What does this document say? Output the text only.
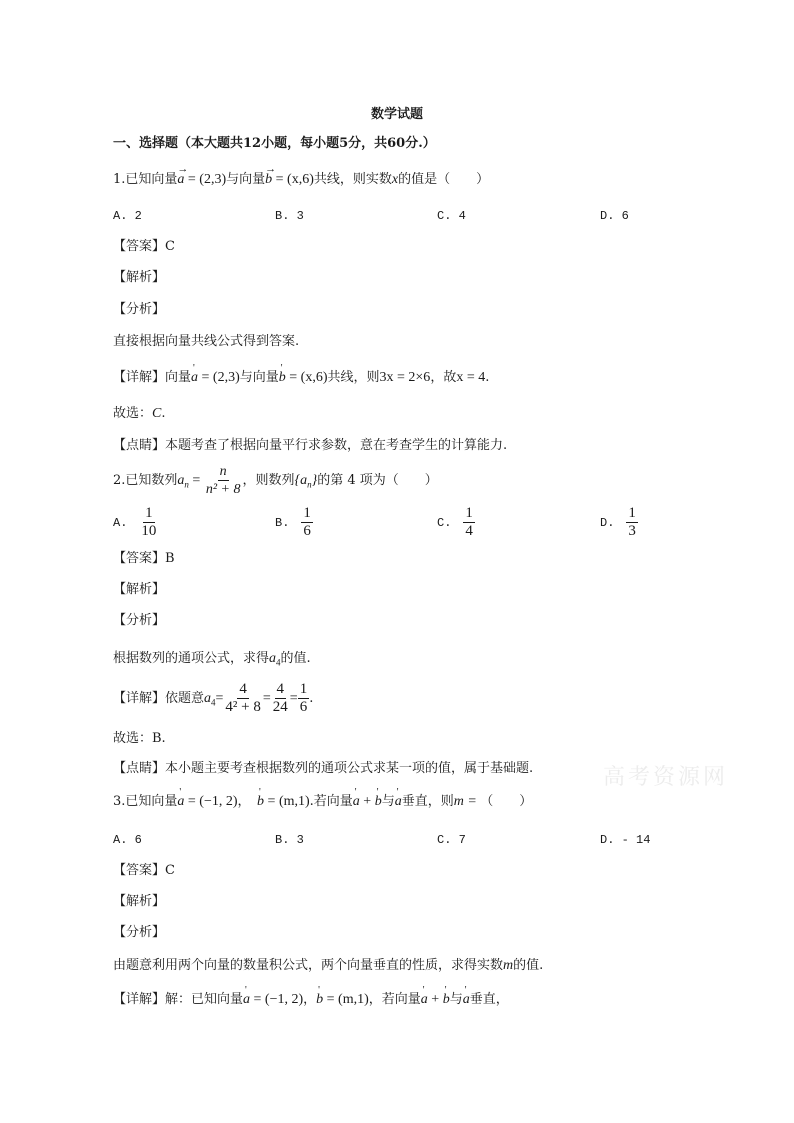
数学试题
一、选择题（本大题共12小题，每小题5分，共60分.）
1.已知向量→ a = (2,3)与向量→ b = (x,6)共线，则实数x的值是（　　）
A. 2	B. 3	C. 4	D. 6
【答案】C
【解析】
【分析】
直接根据向量共线公式得到答案.
【详解】向量' a = (2,3)与向量' b = (x,6)共线，则3x = 2×6，故x = 4.
故选：C.
【点睛】本题考查了根据向量平行求参数，意在考查学生的计算能力.
2.已知数列$a_n = \frac{n}{\text{n² + 8}}$ ，则数列$\{a_n\}$的第 4 项为（　　）
A. $\frac{1}{10}$	B. $\frac{1}{6}$	C. $\frac{1}{4}$	D. $\frac{1}{3}$
【答案】B
【解析】
【分析】
根据数列的通项公式，求得$a_4$的值.
【详解】依题意$a_4= \frac{4}{\text{4² + 8}} = \frac{4}{24} = \frac{1}{6}$ .
故选：B.
【点睛】本小题主要考查根据数列的通项公式求某一项的值，属于基础题.	高考资源网
3.已知向量' a = (−1, 2)，　' b = (m,1).若向量' a + ' b与' a垂直，则m = （　　）
A. 6	B. 3	C. 7	D. - 14
【答案】C
【解析】
【分析】
由题意利用两个向量的数量积公式，两个向量垂直的性质，求得实数m的值.
【详解】解：已知向量' a = (−1, 2)，' b = (m,1)，若向量' a + ' b与' a垂直，
